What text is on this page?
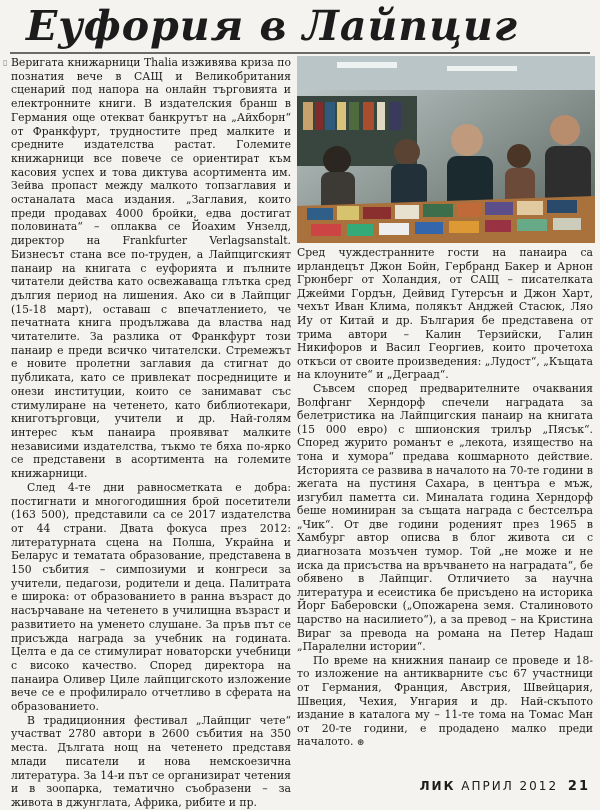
Еуфория в Лайпциг
▯ Веригата книжарници Thalia изживява криза по познатия вече в САЩ и Великобритания сценарий под напора на онлайн търговията и електронните книги. В издателския бранш в Германия още отекват банкрутът на „Айхборн“ от Франкфурт, трудностите пред малките и средните издателства растат. Големите книжарници все повече се ориентират към касовия успех и това диктува асортимента им. Зейва пропаст между малкото топзаглавия и останалата маса издания. „Заглавия, които преди продавах 4000 бройки, едва достигат половината“ – оплаква се Йоахим Унзелд, директор на Frankfurter Verlagsanstalt. Бизнесът стана все по-труден, а Лайпцигският панаир на книгата с еуфорията и пълните читатели действа като освежаваща глътка сред дългия период на лишения. Ако си в Лайпциг (15-18 март), оставаш с впечатлението, че печатната книга продължава да властва над читателите. За разлика от Франкфурт този панаир е преди всичко читателски. Стремежът е новите пролетни заглавия да стигнат до публиката, като се привлекат посредниците и онези институции, които се занимават със стимулиране на четенето, като библиотекари, книготърговци, учители и др. Най-голям интерес към панаира проявяват малките независими издателства, тъкмо те бяха по-ярко се представени в асортимента на големите книжарници.

След 4-те дни равносметката е добра: постигнати и многогодишния брой посетители (163 500), представили са се 2017 издателства от 44 страни. Двата фокуса през 2012: литературната сцена на Полша, Украйна и Беларус и тематата образование, представена в 150 събития – симпозиуми и конгреси за учители, педагози, родители и деца. Палитрата е широка: от образованието в ранна възраст до насърчаване на четенето в училищна възраст и развитието на уменето слушане. За пръв път се присъжда награда за учебник на годината. Целта е да се стимулират новаторски учебници с високо качество. Според директора на панаира Оливер Циле лайпцигското изложение вече се е профилирало отчетливо в сферата на образованието.

В традиционния фестивал „Лайпциг чете“ участват 2780 автори в 2600 събития на 350 места. Дългата нощ на четенето представя млади писатели и нова немскоезична литература. За 14-и път се организират четения и в зоопарка, тематично съобразени – за живота в джунглата, Африка, рибите и пр.

Сред чуждестранните гости на панаира са ирландецът Джон Бойн, Гербранд Бакер и Арнон Грюнберг от Холандия, от САЩ – писателката Джейми Гордън, Дейвид Гутерсън и Джон Харт, чехът Иван Клима, полякът Анджей Стасюк, Ляо Иу от Китай и др. България бе представена от трима автори – Калин Терзийски, Галин Никифоров и Васил Георгиев, които прочетоха откъси от своите произведения: „Лудост“, „Къщата на клоуните“ и „Деграад“.

Съвсем според предварителните очаквания Волфганг Херндорф спечели наградата за белетристика на Лайпцигския панаир на книгата (15 000 евро) с шпионския трилър „Пясък“. Според журито романът е „лекота, изящество на тона и хумора“ предава кошмарното действие. Историята се развива в началото на 70-те години в жегата на пустиня Сахара, в центъра е мъж, изгубил паметта си. Миналата година Херндорф беше номиниран за същата награда с бестселъра „Чик“. От две години роденият през 1965 в Хамбург автор описва в блог живота си с диагнозата мозъчен тумор. Той „не може и не иска да присъства на връчването на наградата“, бе обявено в Лайпциг. Отличието за научна литература и есеистика бе присъдено на историка Йорг Баберовски („Опожарена земя. Сталиновото царство на насилието“), а за превод – на Кристина Вираг за превода на романа на Петер Надаш „Паралелни истории“.

По време на книжния панаир се проведе и 18-то изложение на антикварните със 67 участници от Германия, Франция, Австрия, Швейцария, Швеция, Чехия, Унгария и др. Най-скъпото издание в каталога му – 11-те тома на Томас Ман от 20-те години, е продадено малко преди началото. ⊛

ЛИК АПРИЛ 2012 21
